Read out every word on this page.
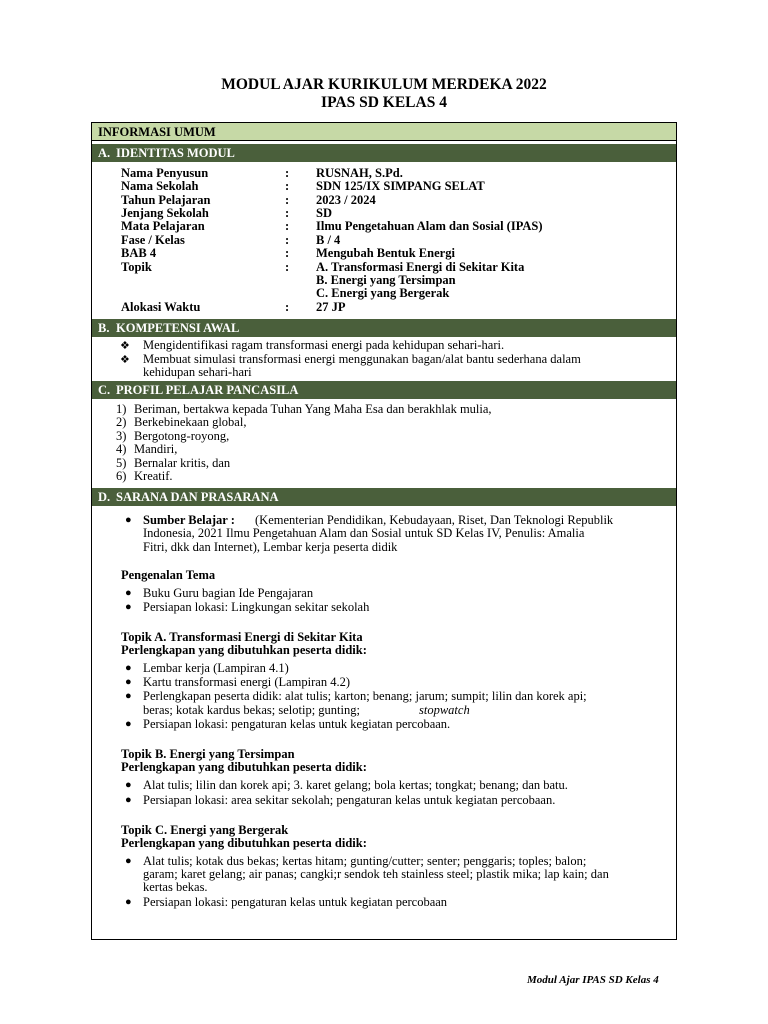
MODUL AJAR KURIKULUM MERDEKA 2022
IPAS SD KELAS 4
INFORMASI UMUM
A. IDENTITAS MODUL
Nama Penyusun	: RUSNAH, S.Pd.
Nama Sekolah	: SDN 125/IX SIMPANG SELAT
Tahun Pelajaran	: 2023 / 2024
Jenjang Sekolah	: SD
Mata Pelajaran	: Ilmu Pengetahuan Alam dan Sosial (IPAS)
Fase / Kelas	: B / 4
BAB 4	: Mengubah Bentuk Energi
Topik	: A. Transformasi Energi di Sekitar Kita
B. Energi yang Tersimpan
C. Energi yang Bergerak
Alokasi Waktu	: 27 JP
B. KOMPETENSI AWAL
❖ Mengidentifikasi ragam transformasi energi pada kehidupan sehari-hari.
❖ Membuat simulasi transformasi energi menggunakan bagan/alat bantu sederhana dalam
kehidupan sehari-hari
C. PROFIL PELAJAR PANCASILA
1) Beriman, bertakwa kepada Tuhan Yang Maha Esa dan berakhlak mulia,
2) Berkebinekaan global,
3) Bergotong-royong,
4) Mandiri,
5) Bernalar kritis, dan
6) Kreatif.
D. SARANA DAN PRASARANA
● Sumber Belajar : (Kementerian Pendidikan, Kebudayaan, Riset, Dan Teknologi Republik
Indonesia, 2021 Ilmu Pengetahuan Alam dan Sosial untuk SD Kelas IV, Penulis: Amalia
Fitri, dkk dan Internet), Lembar kerja peserta didik
Pengenalan Tema
● Buku Guru bagian Ide Pengajaran
● Persiapan lokasi: Lingkungan sekitar sekolah
Topik A. Transformasi Energi di Sekitar Kita
Perlengkapan yang dibutuhkan peserta didik:
● Lembar kerja (Lampiran 4.1)
● Kartu transformasi energi (Lampiran 4.2)
● Perlengkapan peserta didik: alat tulis; karton; benang; jarum; sumpit; lilin dan korek api;
beras; kotak kardus bekas; selotip; gunting;	stopwatch
● Persiapan lokasi: pengaturan kelas untuk kegiatan percobaan.
Topik B. Energi yang Tersimpan
Perlengkapan yang dibutuhkan peserta didik:
● Alat tulis; lilin dan korek api; 3. karet gelang; bola kertas; tongkat; benang; dan batu.
● Persiapan lokasi: area sekitar sekolah; pengaturan kelas untuk kegiatan percobaan.
Topik C. Energi yang Bergerak
Perlengkapan yang dibutuhkan peserta didik:
● Alat tulis; kotak dus bekas; kertas hitam; gunting/cutter; senter; penggaris; toples; balon;
garam; karet gelang; air panas; cangki;r sendok teh stainless steel; plastik mika; lap kain; dan
kertas bekas.
● Persiapan lokasi: pengaturan kelas untuk kegiatan percobaan
Modul Ajar IPAS SD Kelas 4
